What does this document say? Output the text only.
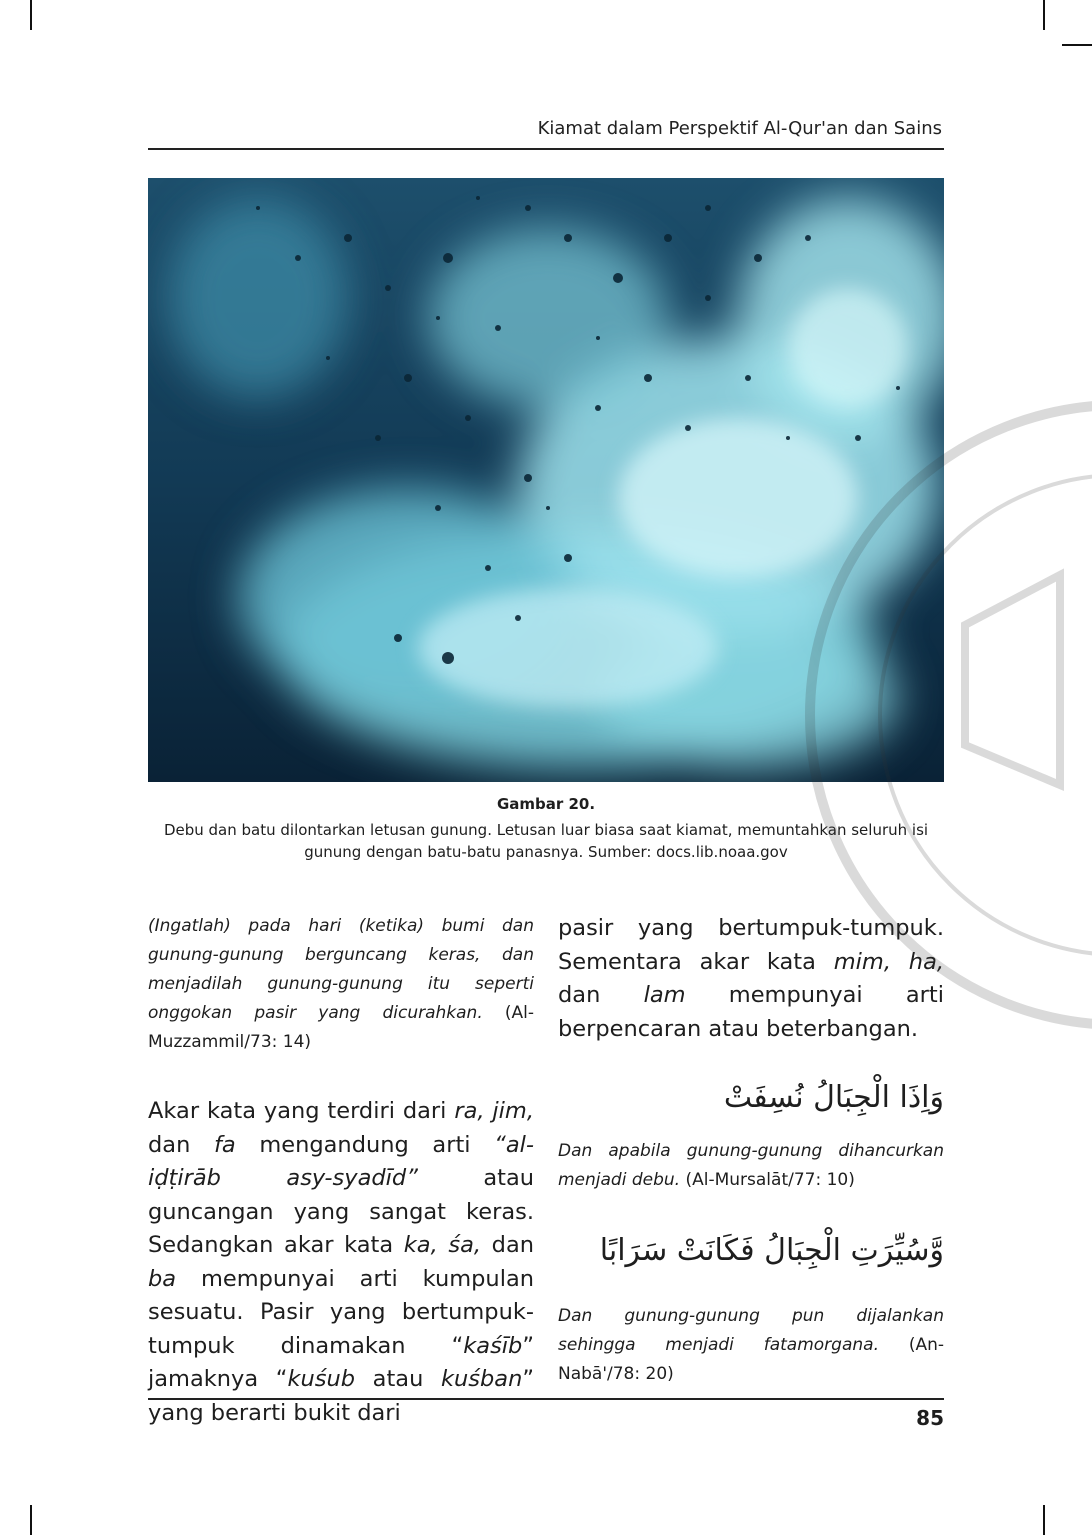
Kiamat dalam Perspektif Al-Qur'an dan Sains
Gambar 20.
Debu dan batu dilontarkan letusan gunung. Letusan luar biasa saat kiamat, memuntahkan seluruh isi gunung dengan batu-batu panasnya. Sumber: docs.lib.noaa.gov

(Ingatlah) pada hari (ketika) bumi dan gunung-gunung berguncang keras, dan menjadilah gunung-gunung itu seperti onggokan pasir yang dicurahkan. (Al-Muzzammil/73: 14)

Akar kata yang terdiri dari ra, jim, dan fa mengandung arti “al-iḍṭirāb asy-syadīd” atau guncangan yang sangat keras. Sedangkan akar kata ka, śa, dan ba mempunyai arti kumpulan sesuatu. Pasir yang bertumpuk-tumpuk dinamakan “kaśīb” jamaknya “kuśub atau kuśban” yang berarti bukit dari

pasir yang bertumpuk-tumpuk. Sementara akar kata mim, ha, dan lam mempunyai arti berpencaran atau beterbangan.

وَاِذَا الْجِبَالُ نُسِفَتْ

Dan apabila gunung-gunung dihancurkan menjadi debu. (Al-Mursalāt/77: 10)

وَّسُيِّرَتِ الْجِبَالُ فَكَانَتْ سَرَابًا

Dan gunung-gunung pun dijalankan sehingga menjadi fatamorgana. (An-Nabā'/78: 20)

85
